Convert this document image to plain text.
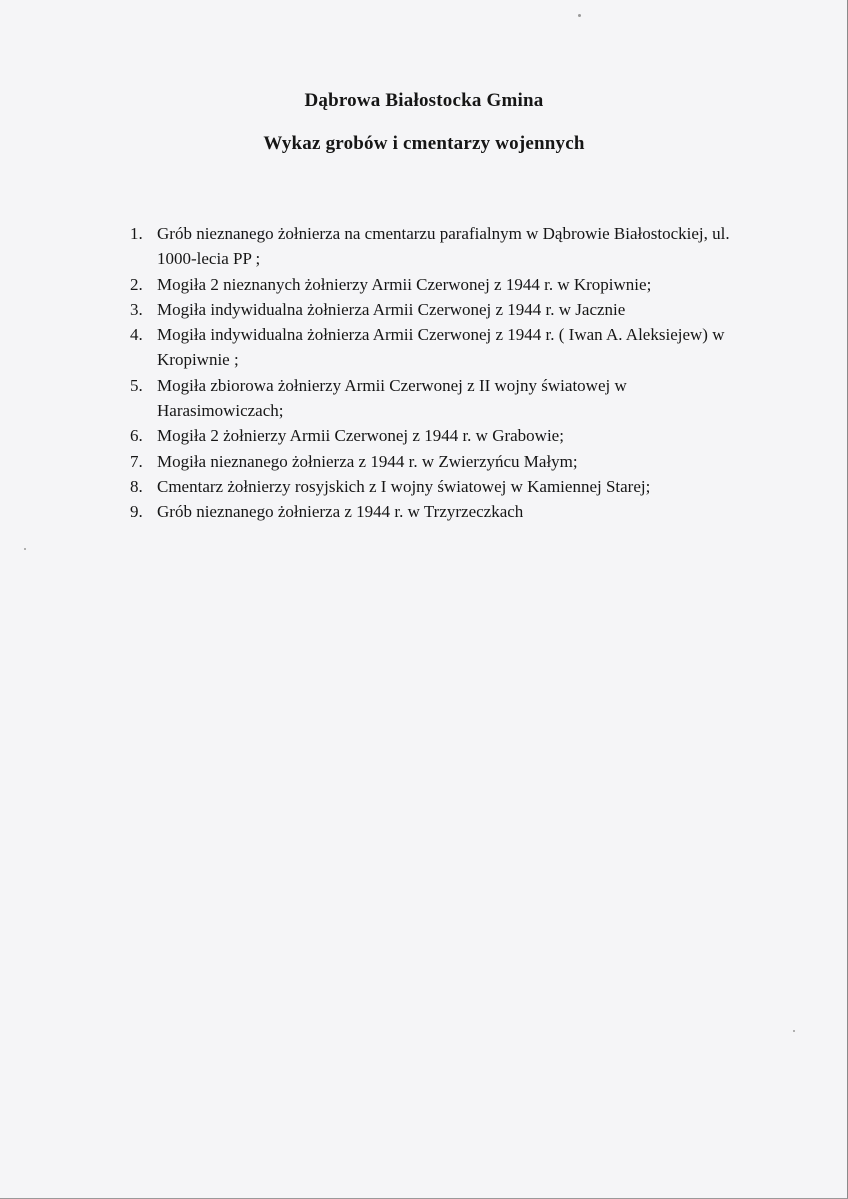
Dąbrowa Białostocka Gmina
Wykaz grobów i cmentarzy wojennych
1. Grób nieznanego żołnierza na cmentarzu parafialnym w Dąbrowie Białostockiej, ul. 1000-lecia PP ;
2. Mogiła 2 nieznanych żołnierzy Armii Czerwonej z 1944 r. w Kropiwnie;
3. Mogiła indywidualna żołnierza Armii Czerwonej z 1944 r. w Jacznie
4. Mogiła indywidualna żołnierza Armii Czerwonej z 1944 r. ( Iwan A. Aleksiejew) w Kropiwnie ;
5. Mogiła zbiorowa żołnierzy Armii Czerwonej z II wojny światowej w Harasimowiczach;
6. Mogiła 2 żołnierzy Armii Czerwonej z 1944 r. w Grabowie;
7. Mogiła nieznanego żołnierza z 1944 r. w Zwierzyńcu Małym;
8. Cmentarz żołnierzy rosyjskich z I wojny światowej w Kamiennej Starej;
9. Grób nieznanego żołnierza z 1944 r. w Trzyrzeczkach
